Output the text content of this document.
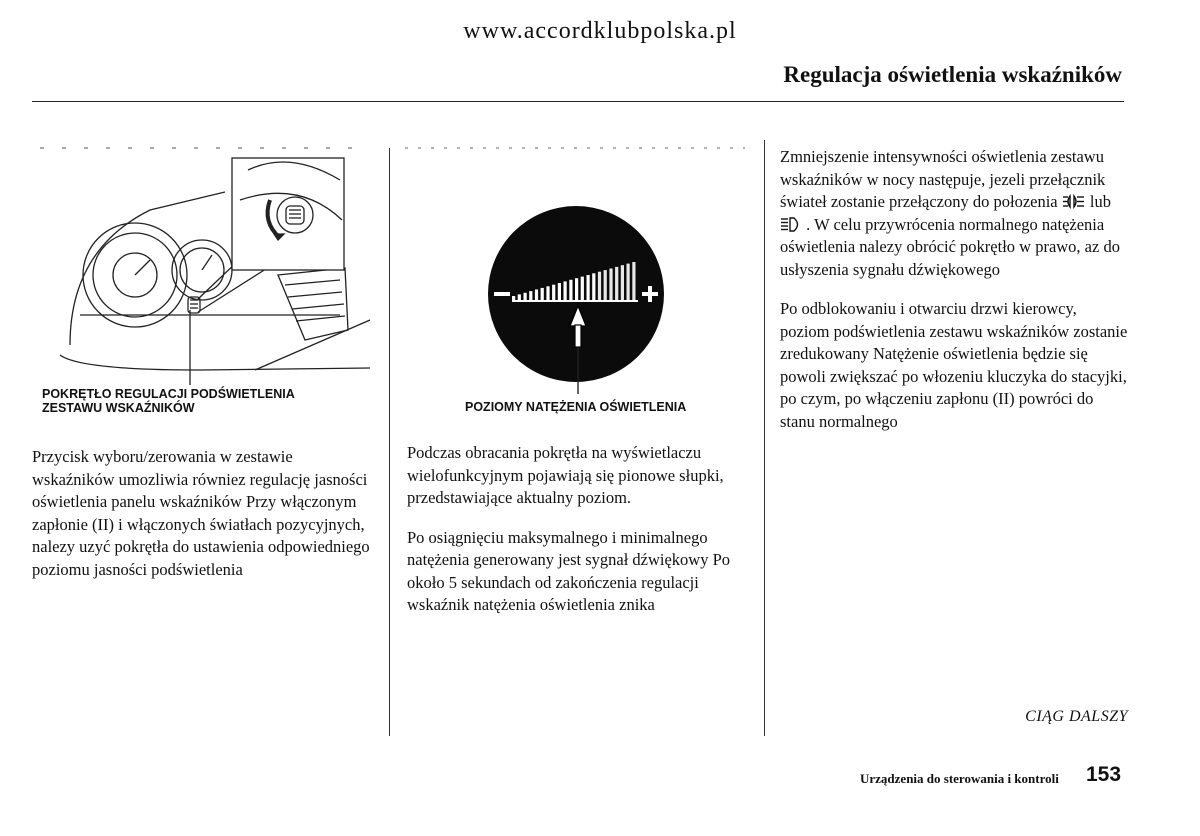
www.accordklubpolska.pl
Regulacja oświetlenia wskaźników
POKRĘTŁO REGULACJI PODŚWIETLENIA
ZESTAWU WSKAŹNIKÓW	POZIOMY NATĘŻENIA OŚWIETLENIA

Przycisk wyboru/zerowania w zestawie wskaźników umozliwia równiez regulację jasności oświetlenia panelu wskaźników Przy włączonym zapłonie (II) i włączonych światłach pozycyjnych, nalezy uzyć pokrętła do ustawienia odpowiedniego poziomu jasności podświetlenia

Podczas obracania pokrętła na wyświetlaczu wielofunkcyjnym pojawiają się pionowe słupki, przedstawiające aktualny poziom.

Po osiągnięciu maksymalnego i minimalnego natężenia generowany jest sygnał dźwiękowy Po około 5 sekundach od zakończenia regulacji wskaźnik natężenia oświetlenia znika

Zmniejszenie intensywności oświetlenia zestawu wskaźników w nocy następuje, jezeli przełącznik świateł zostanie przełączony do połozenia lub  . W celu przywrócenia normalnego natężenia oświetlenia nalezy obrócić pokrętło w prawo, az do usłyszenia sygnału dźwiękowego

Po odblokowaniu i otwarciu drzwi kierowcy, poziom podświetlenia zestawu wskaźników zostanie zredukowany Natężenie oświetlenia będzie się powoli zwiększać po włozeniu kluczyka do stacyjki, po czym, po włączeniu zapłonu (II) powróci do stanu normalnego

CIĄG DALSZY
Urządzenia do sterowania i kontroli 153
